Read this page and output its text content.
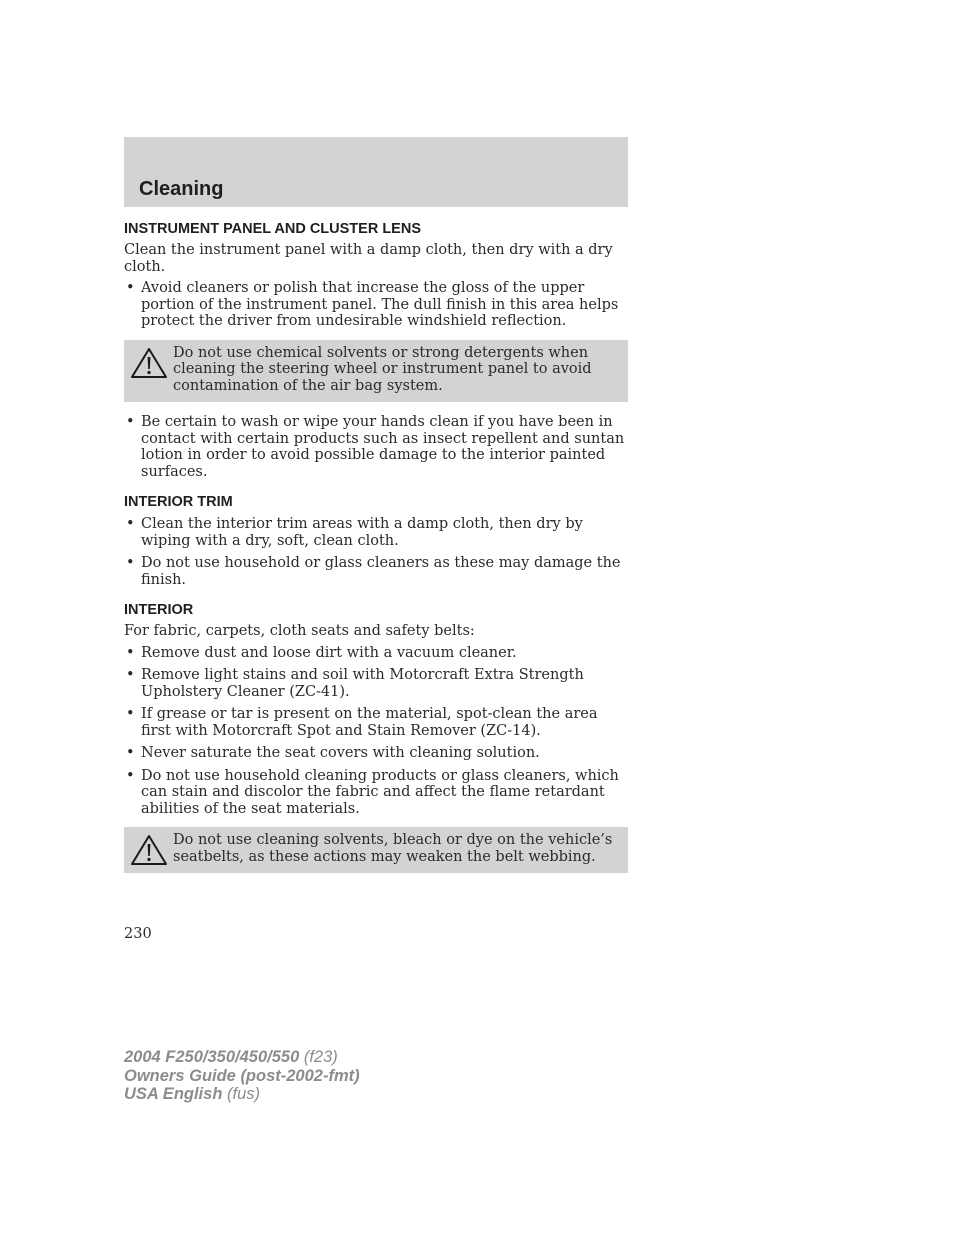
Cleaning
INSTRUMENT PANEL AND CLUSTER LENS

Clean the instrument panel with a damp cloth, then dry with a dry cloth.

• Avoid cleaners or polish that increase the gloss of the upper portion of the instrument panel. The dull finish in this area helps protect the driver from undesirable windshield reflection.
Do not use chemical solvents or strong detergents when cleaning the steering wheel or instrument panel to avoid contamination of the air bag system.
• Be certain to wash or wipe your hands clean if you have been in contact with certain products such as insect repellent and suntan lotion in order to avoid possible damage to the interior painted surfaces.
INTERIOR TRIM
• Clean the interior trim areas with a damp cloth, then dry by wiping with a dry, soft, clean cloth.
• Do not use household or glass cleaners as these may damage the finish.
INTERIOR

For fabric, carpets, cloth seats and safety belts:

• Remove dust and loose dirt with a vacuum cleaner.
• Remove light stains and soil with Motorcraft Extra Strength Upholstery Cleaner (ZC-41).
• If grease or tar is present on the material, spot-clean the area first with Motorcraft Spot and Stain Remover (ZC-14).
• Never saturate the seat covers with cleaning solution.
• Do not use household cleaning products or glass cleaners, which can stain and discolor the fabric and affect the flame retardant abilities of the seat materials.
Do not use cleaning solvents, bleach or dye on the vehicle’s seatbelts, as these actions may weaken the belt webbing.
230
2004 F250/350/450/550 (f23)
Owners Guide (post-2002-fmt)
USA English (fus)
